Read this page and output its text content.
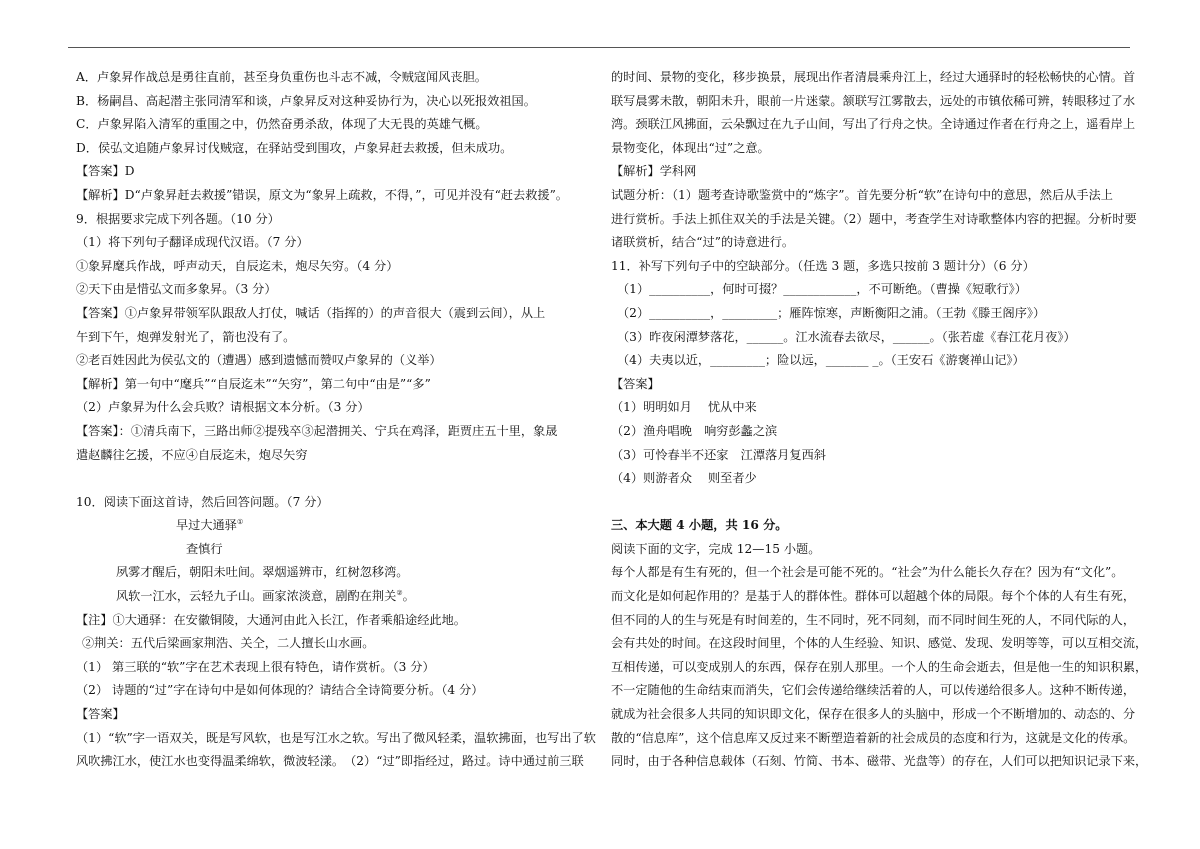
A．卢象昇作战总是勇往直前，甚至身负重伤也斗志不减，令贼寇闻风丧胆。
B．杨嗣昌、高起潜主张同清军和谈，卢象昇反对这种妥协行为，决心以死报效祖国。
C．卢象昇陷入清军的重围之中，仍然奋勇杀敌，体现了大无畏的英雄气概。
D．侯弘文追随卢象昇讨伐贼寇，在驿站受到围攻，卢象昇赶去救援，但未成功。
【答案】D
【解析】D“卢象昇赶去救援”错误，原文为“象昇上疏救，不得，”，可见并没有“赶去救援”。
9．根据要求完成下列各题。（10 分）
（1）将下列句子翻译成现代汉语。（7 分）
①象昇麾兵作战，呼声动天，自辰迄未，炮尽矢穷。（4 分）
②天下由是惜弘文而多象昇。（3 分）
【答案】①卢象昇带领军队跟敌人打仗，喊话（指挥的）的声音很大（震到云间），从上
午到下午，炮弹发射光了，箭也没有了。
②老百姓因此为侯弘文的（遭遇）感到遗憾而赞叹卢象昇的（义举）
【解析】第一句中“麾兵”“自辰迄未”“矢穷”，第二句中“由是”“多”
（2）卢象昇为什么会兵败？请根据文本分析。（3 分）
【答案】：①清兵南下，三路出师②提残卒③起潜拥关、宁兵在鸡泽，距贾庄五十里，象晟
遣赵麟往乞援，不应④自辰迄未，炮尽矢穷
10．阅读下面这首诗，然后回答问题。（7 分）
早过大通驿①
查慎行
夙雾才醒后，朝阳未吐间。翠烟遥辨市，红树忽移湾。
风软一江水，云轻九子山。画家浓淡意，剧酌在荆关②。
【注】①大通驿：在安徽铜陵，大通河由此入长江，作者乘船途经此地。
②荆关：五代后梁画家荆浩、关仝，二人擅长山水画。
（1） 第三联的“软”字在艺术表现上很有特色，请作赏析。（3 分）
（2） 诗题的“过”字在诗句中是如何体现的？请结合全诗简要分析。（4 分）
【答案】
（1）“软”字一语双关，既是写风软，也是写江水之软。写出了微风轻柔，温软拂面，也写出了软
风吹拂江水，使江水也变得温柔绵软，微波轻漾。　（2）“过”即指经过，路过。诗中通过前三联
的时间、景物的变化，移步换景，展现出作者清晨乘舟江上，经过大通驿时的轻松畅快的心情。首
联写晨雾未散，朝阳未升，眼前一片迷蒙。颔联写江雾散去，远处的市镇依稀可辨，转眼移过了水
湾。颈联江风拂面，云朵飘过在九子山间，写出了行舟之快。全诗通过作者在行舟之上，遥看岸上
景物变化，体现出“过”之意。
【解析】学科网
试题分析：（1）题考查诗歌鉴赏中的“炼字”。首先要分析“软”在诗句中的意思，然后从手法上
进行赏析。手法上抓住双关的手法是关键。（2）题中，考查学生对诗歌整体内容的把握。分析时要
诸联赏析，结合“过”的诗意进行。
11．补写下列句子中的空缺部分。（任选 3 题，多选只按前 3 题计分）（6 分）
（1）__________，何时可掇？____________，不可断绝。（曹操《短歌行》）
（2）__________，_________；雁阵惊寒，声断衡阳之浦。（王勃《滕王阁序》）
（3）昨夜闲潭梦落花，______。江水流春去欲尽，______。（张若虚《春江花月夜》）
（4）夫夷以近，_________；险以远，_______ _。（王安石《游褒禅山记》）
【答案】
（1）明明如月　 忧从中来
（2）渔舟唱晚　响穷彭蠡之滨
（3）可怜春半不还家　江潭落月复西斜
（4）则游者众　 则至者少
三、本大题 4 小题，共 16 分。
阅读下面的文字，完成 12—15 小题。
每个人都是有生有死的，但一个社会是可能不死的。“社会”为什么能长久存在？因为有“文化”。
而文化是如何起作用的？是基于人的群体性。群体可以超越个体的局限。每个个体的人有生有死，
但不同的人的生与死是有时间差的，生不同时，死不同刻，而不同时间生死的人，不同代际的人，
会有共处的时间。在这段时间里，个体的人生经验、知识、感觉、发现、发明等等，可以互相交流，
互相传递，可以变成别人的东西，保存在别人那里。一个人的生命会逝去，但是他一生的知识积累，
不一定随他的生命结束而消失，它们会传递给继续活着的人，可以传递给很多人。这种不断传递，
就成为社会很多人共同的知识即文化，保存在很多人的头脑中，形成一个不断增加的、动态的、分
散的“信息库”，这个信息库又反过来不断塑造着新的社会成员的态度和行为，这就是文化的传承。
同时，由于各种信息载体（石刻、竹简、书本、磁带、光盘等）的存在，人们可以把知识记录下来，
